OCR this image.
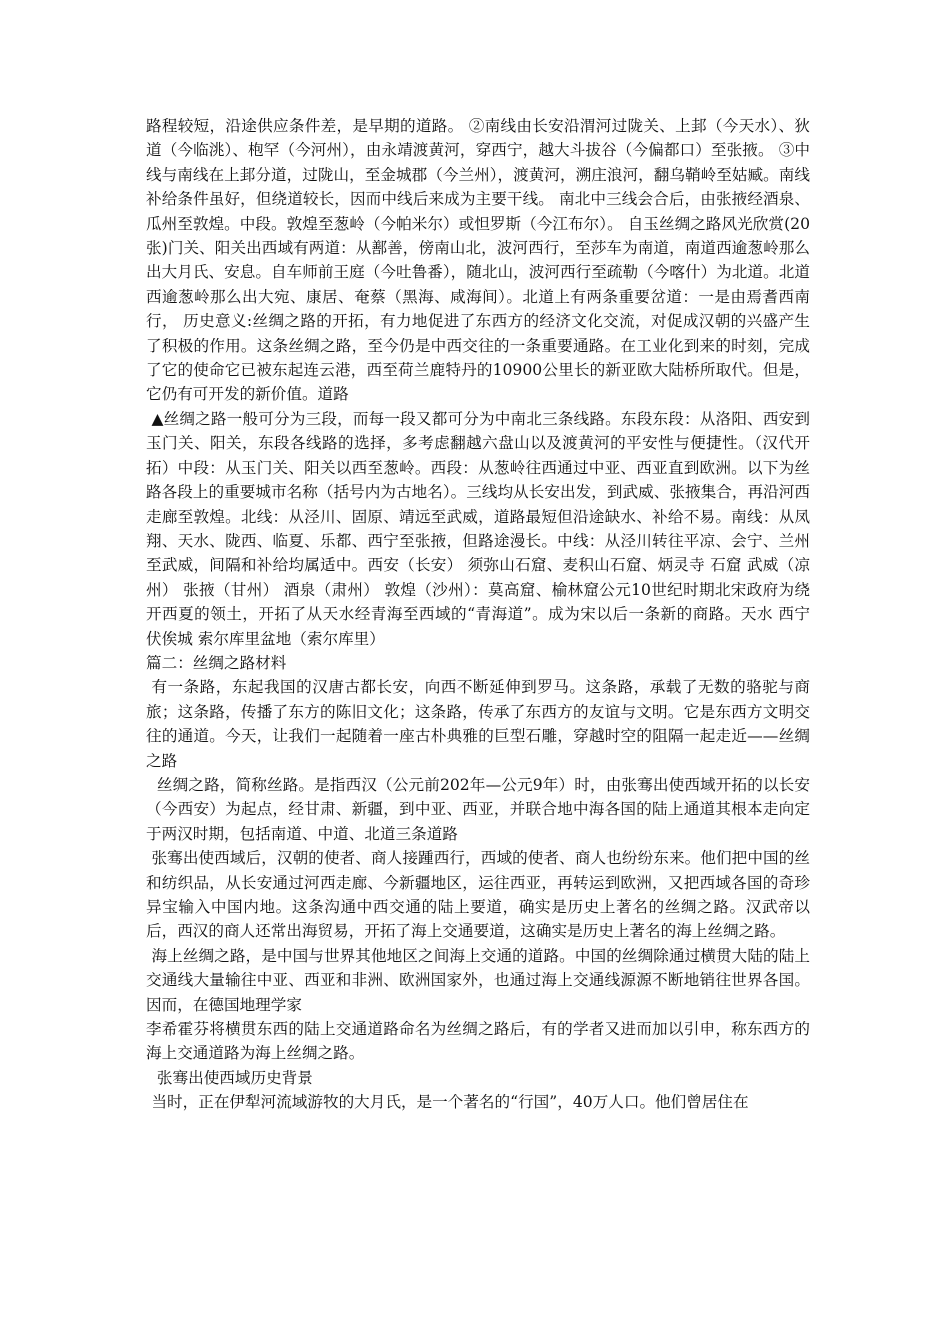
路程较短，沿途供应条件差，是早期的道路。 ②南线由长安沿渭河过陇关、上邽（今天水）、狄道（今临洮）、枹罕（今河州），由永靖渡黄河，穿西宁，越大斗拔谷（今偏都口）至张掖。 ③中线与南线在上邽分道，过陇山，至金城郡（今兰州），渡黄河，溯庄浪河，翻乌鞘岭至姑臧。南线补给条件虽好，但绕道较长，因而中线后来成为主要干线。 南北中三线会合后，由张掖经酒泉、瓜州至敦煌。中段。敦煌至葱岭（今帕米尔）或怛罗斯（今江布尔）。 自玉丝绸之路风光欣赏(20张)门关、阳关出西域有两道：从鄯善，傍南山北，波河西行，至莎车为南道，南道西逾葱岭那么出大月氏、安息。自车师前王庭（今吐鲁番），随北山，波河西行至疏勒（今喀什）为北道。北道西逾葱岭那么出大宛、康居、奄蔡（黑海、咸海间）。北道上有两条重要岔道：一是由焉耆西南行， 历史意义:丝绸之路的开拓，有力地促进了东西方的经济文化交流，对促成汉朝的兴盛产生了积极的作用。这条丝绸之路，至今仍是中西交往的一条重要通路。在工业化到来的时刻，完成了它的使命它已被东起连云港，西至荷兰鹿特丹的10900公里长的新亚欧大陆桥所取代。但是，它仍有可开发的新价值。道路

▲丝绸之路一般可分为三段，而每一段又都可分为中南北三条线路。东段东段：从洛阳、西安到玉门关、阳关，东段各线路的选择，多考虑翻越六盘山以及渡黄河的平安性与便捷性。（汉代开拓）中段：从玉门关、阳关以西至葱岭。西段：从葱岭往西通过中亚、西亚直到欧洲。以下为丝路各段上的重要城市名称（括号内为古地名）。三线均从长安出发，到武威、张掖集合，再沿河西走廊至敦煌。北线：从泾川、固原、靖远至武威，道路最短但沿途缺水、补给不易。南线：从凤翔、天水、陇西、临夏、乐都、西宁至张掖，但路途漫长。中线：从泾川转往平凉、会宁、兰州至武威，间隔和补给均属适中。西安（长安） 须弥山石窟、麦积山石窟、炳灵寺 石窟 武威（凉州） 张掖（甘州） 酒泉（肃州） 敦煌（沙州）：莫高窟、榆林窟公元10世纪时期北宋政府为绕开西夏的领土，开拓了从天水经青海至西域的“青海道”。成为宋以后一条新的商路。天水 西宁 伏俟城 索尔库里盆地（索尔库里）

篇二：丝绸之路材料

有一条路，东起我国的汉唐古都长安，向西不断延伸到罗马。这条路，承载了无数的骆驼与商旅；这条路，传播了东方的陈旧文化；这条路，传承了东西方的友谊与文明。它是东西方文明交往的通道。今天，让我们一起随着一座古朴典雅的巨型石雕，穿越时空的阻隔一起走近——丝绸之路

丝绸之路，简称丝路。是指西汉（公元前202年—公元9年）时，由张骞出使西域开拓的以长安（今西安）为起点，经甘肃、新疆，到中亚、西亚，并联合地中海各国的陆上通道其根本走向定于两汉时期，包括南道、中道、北道三条道路

张骞出使西域后，汉朝的使者、商人接踵西行，西域的使者、商人也纷纷东来。他们把中国的丝和纺织品，从长安通过河西走廊、今新疆地区，运往西亚，再转运到欧洲，又把西域各国的奇珍异宝输入中国内地。这条沟通中西交通的陆上要道，确实是历史上著名的丝绸之路。汉武帝以后，西汉的商人还常出海贸易，开拓了海上交通要道，这确实是历史上著名的海上丝绸之路。

海上丝绸之路，是中国与世界其他地区之间海上交通的道路。中国的丝绸除通过横贯大陆的陆上交通线大量输往中亚、西亚和非洲、欧洲国家外，也通过海上交通线源源不断地销往世界各国。因而，在德国地理学家

李希霍芬将横贯东西的陆上交通道路命名为丝绸之路后，有的学者又进而加以引申，称东西方的海上交通道路为海上丝绸之路。

张骞出使西域历史背景

当时，正在伊犁河流域游牧的大月氏，是一个著名的“行国”，40万人口。他们曾居住在
